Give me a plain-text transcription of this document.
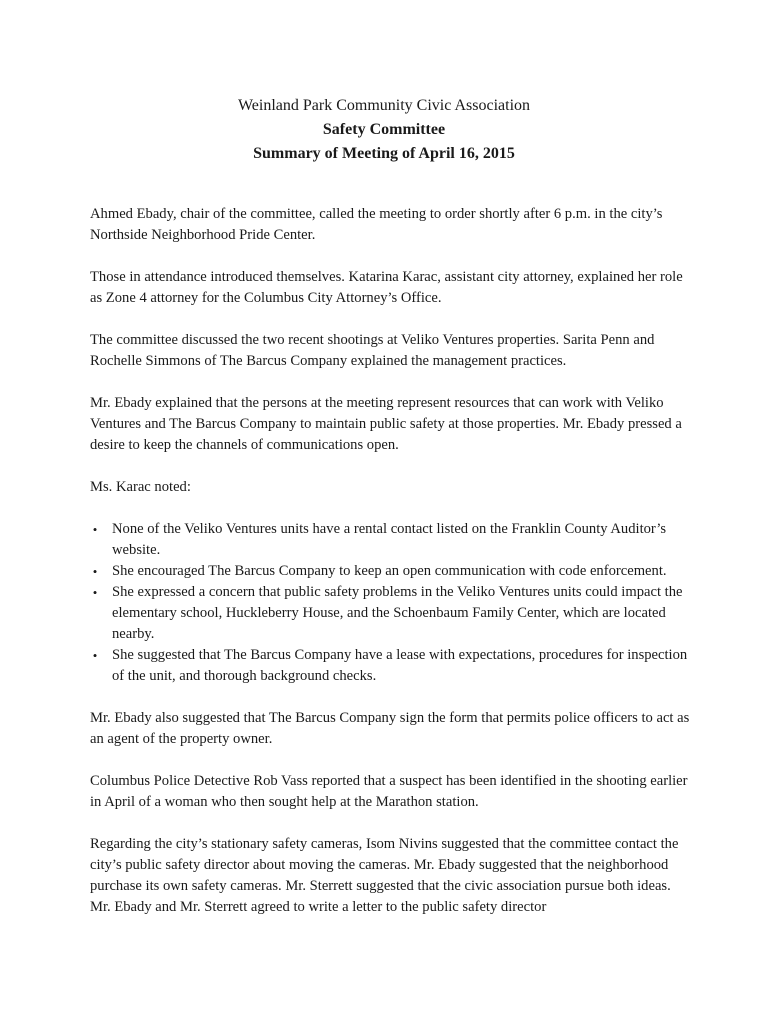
Weinland Park Community Civic Association
Safety Committee
Summary of Meeting of April 16, 2015

Ahmed Ebady, chair of the committee, called the meeting to order shortly after 6 p.m. in the city’s Northside Neighborhood Pride Center.

Those in attendance introduced themselves. Katarina Karac, assistant city attorney, explained her role as Zone 4 attorney for the Columbus City Attorney’s Office.

The committee discussed the two recent shootings at Veliko Ventures properties. Sarita Penn and Rochelle Simmons of The Barcus Company explained the management practices.

Mr. Ebady explained that the persons at the meeting represent resources that can work with Veliko Ventures and The Barcus Company to maintain public safety at those properties. Mr. Ebady pressed a desire to keep the channels of communications open.

Ms. Karac noted:

• None of the Veliko Ventures units have a rental contact listed on the Franklin County Auditor’s website.
• She encouraged The Barcus Company to keep an open communication with code enforcement.
• She expressed a concern that public safety problems in the Veliko Ventures units could impact the elementary school, Huckleberry House, and the Schoenbaum Family Center, which are located nearby.
• She suggested that The Barcus Company have a lease with expectations, procedures for inspection of the unit, and thorough background checks.

Mr. Ebady also suggested that The Barcus Company sign the form that permits police officers to act as an agent of the property owner.

Columbus Police Detective Rob Vass reported that a suspect has been identified in the shooting earlier in April of a woman who then sought help at the Marathon station.

Regarding the city’s stationary safety cameras, Isom Nivins suggested that the committee contact the city’s public safety director about moving the cameras. Mr. Ebady suggested that the neighborhood purchase its own safety cameras. Mr. Sterrett suggested that the civic association pursue both ideas. Mr. Ebady and Mr. Sterrett agreed to write a letter to the public safety director
